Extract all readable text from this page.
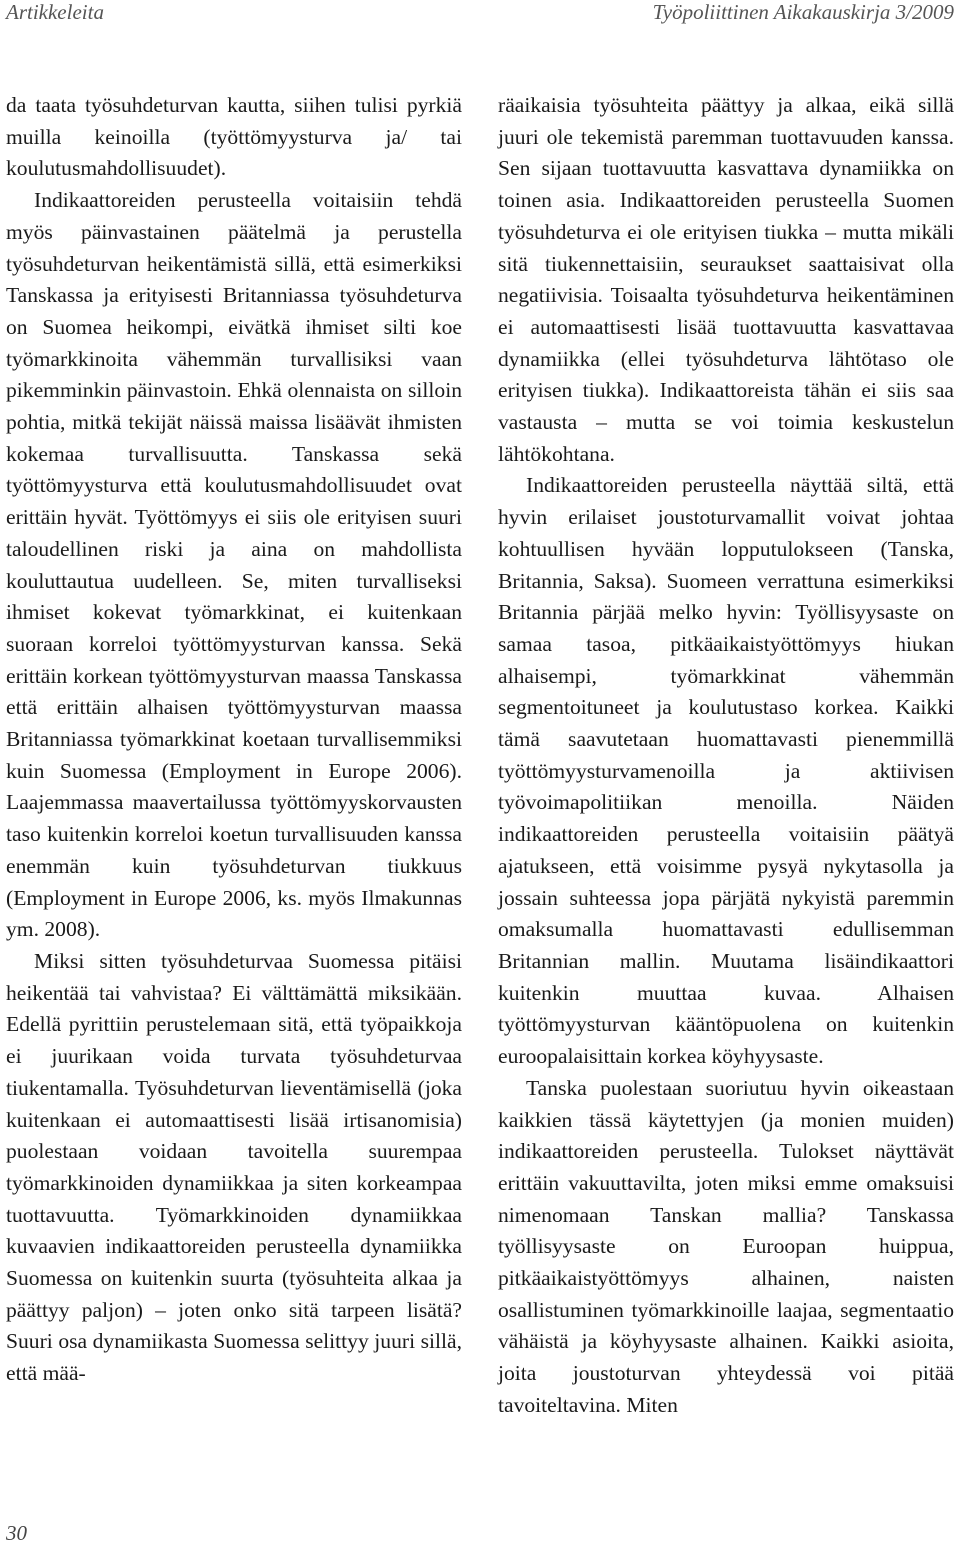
Artikkeleita	Työpoliittinen Aikakauskirja 3/2009

da taata työsuhdeturvan kautta, siihen tulisi pyrkiä muilla keinoilla (työttömyysturva ja/ tai koulutusmahdollisuudet).

Indikaattoreiden perusteella voitaisiin tehdä myös päinvastainen päätelmä ja perustella työsuhdeturvan heikentämistä sillä, että esimerkiksi Tanskassa ja erityisesti Britanniassa työsuhdeturva on Suomea heikompi, eivätkä ihmiset silti koe työmarkkinoita vähemmän turvallisiksi vaan pikemminkin päinvastoin. Ehkä olennaista on silloin pohtia, mitkä tekijät näissä maissa lisäävät ihmisten kokemaa turvallisuutta. Tanskassa sekä työttömyysturva että koulutusmahdollisuudet ovat erittäin hyvät. Työttömyys ei siis ole erityisen suuri taloudellinen riski ja aina on mahdollista kouluttautua uudelleen. Se, miten turvalliseksi ihmiset kokevat työmarkkinat, ei kuitenkaan suoraan korreloi työttömyysturvan kanssa. Sekä erittäin korkean työttömyysturvan maassa Tanskassa että erittäin alhaisen työttömyysturvan maassa Britanniassa työmarkkinat koetaan turvallisemmiksi kuin Suomessa (Employment in Europe 2006). Laajemmassa maavertailussa työttömyyskorvausten taso kuitenkin korreloi koetun turvallisuuden kanssa enemmän kuin työsuhdeturvan tiukkuus (Employment in Europe 2006, ks. myös Ilmakunnas ym. 2008).

Miksi sitten työsuhdeturvaa Suomessa pitäisi heikentää tai vahvistaa? Ei välttämättä miksikään. Edellä pyrittiin perustelemaan sitä, että työpaikkoja ei juurikaan voida turvata työsuhdeturvaa tiukentamalla. Työsuhdeturvan lieventämisellä (joka kuitenkaan ei automaattisesti lisää irtisanomisia) puolestaan voidaan tavoitella suurempaa työmarkkinoiden dynamiikkaa ja siten korkeampaa tuottavuutta. Työmarkkinoiden dynamiikkaa kuvaavien indikaattoreiden perusteella dynamiikka Suomessa on kuitenkin suurta (työsuhteita alkaa ja päättyy paljon) – joten onko sitä tarpeen lisätä? Suuri osa dynamiikasta Suomessa selittyy juuri sillä, että mää-

räaikaisia työsuhteita päättyy ja alkaa, eikä sillä juuri ole tekemistä paremman tuottavuuden kanssa. Sen sijaan tuottavuutta kasvattava dynamiikka on toinen asia. Indikaattoreiden perusteella Suomen työsuhdeturva ei ole erityisen tiukka – mutta mikäli sitä tiukennettaisiin, seuraukset saattaisivat olla negatiivisia. Toisaalta työsuhdeturva heikentäminen ei automaattisesti lisää tuottavuutta kasvattavaa dynamiikka (ellei työsuhdeturva lähtötaso ole erityisen tiukka). Indikaattoreista tähän ei siis saa vastausta – mutta se voi toimia keskustelun lähtökohtana.

Indikaattoreiden perusteella näyttää siltä, että hyvin erilaiset joustoturvamallit voivat johtaa kohtuullisen hyvään lopputulokseen (Tanska, Britannia, Saksa). Suomeen verrattuna esimerkiksi Britannia pärjää melko hyvin: Työllisyysaste on samaa tasoa, pitkäaikaistyöttömyys hiukan alhaisempi, työmarkkinat vähemmän segmentoituneet ja koulutustaso korkea. Kaikki tämä saavutetaan huomattavasti pienemmillä työttömyysturvamenoilla ja aktiivisen työvoimapolitiikan menoilla. Näiden indikaattoreiden perusteella voitaisiin päätyä ajatukseen, että voisimme pysyä nykytasolla ja jossain suhteessa jopa pärjätä nykyistä paremmin omaksumalla huomattavasti edullisemman Britannian mallin. Muutama lisäindikaattori kuitenkin muuttaa kuvaa. Alhaisen työttömyysturvan kääntöpuolena on kuitenkin euroopalaisittain korkea köyhyysaste.

Tanska puolestaan suoriutuu hyvin oikeastaan kaikkien tässä käytettyjen (ja monien muiden) indikaattoreiden perusteella. Tulokset näyttävät erittäin vakuuttavilta, joten miksi emme omaksuisi nimenomaan Tanskan mallia? Tanskassa työllisyysaste on Euroopan huippua, pitkäaikaistyöttömyys alhainen, naisten osallistuminen työmarkkinoille laajaa, segmentaatio vähäistä ja köyhyysaste alhainen. Kaikki asioita, joita joustoturvan yhteydessä voi pitää tavoiteltavina. Miten

30
